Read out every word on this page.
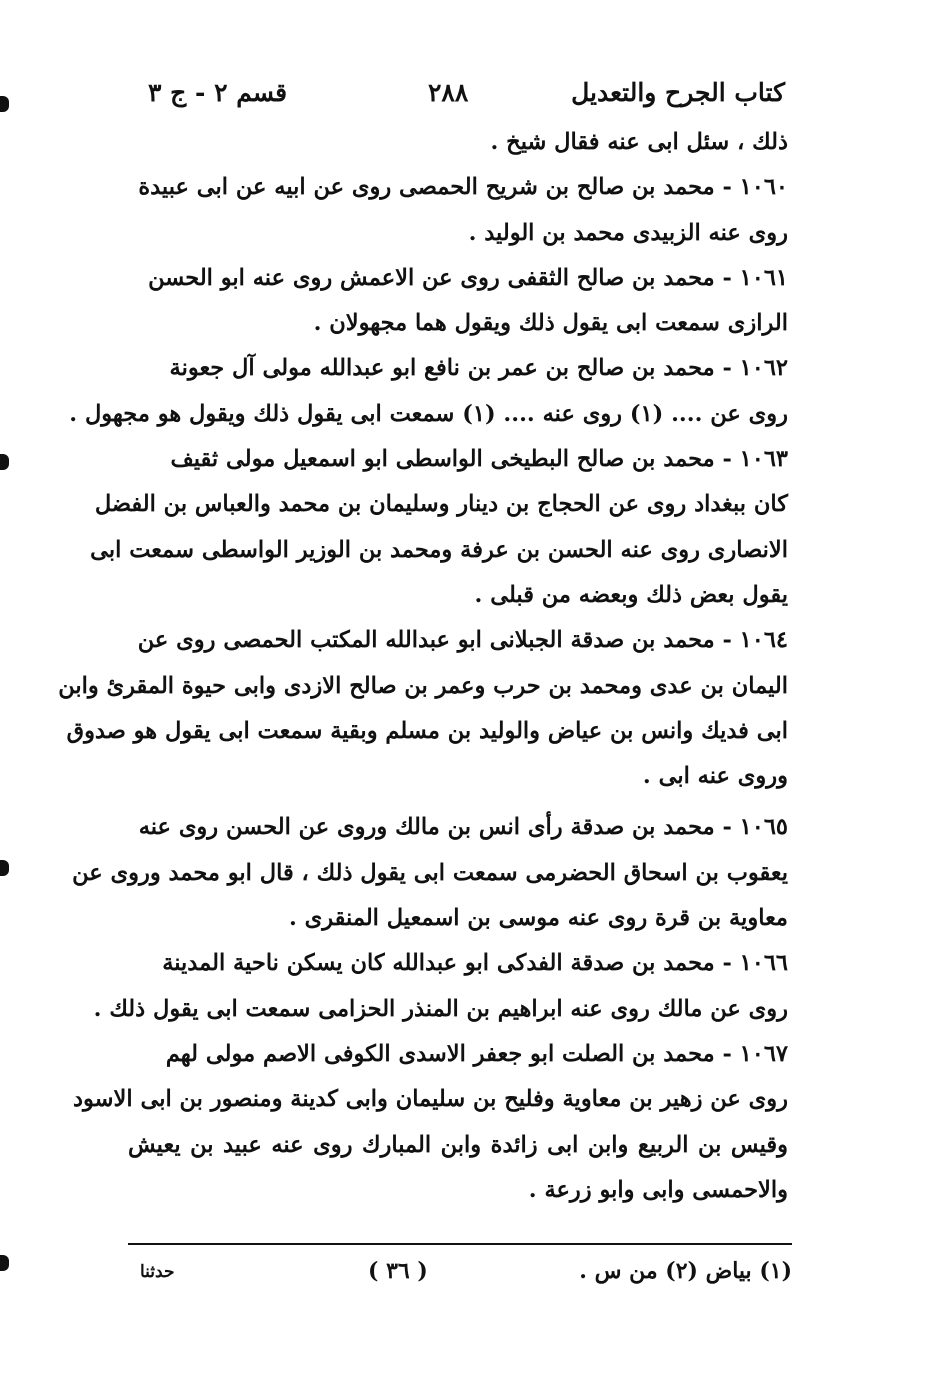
كتاب الجرح والتعديل
٢٨٨
قسم ٢ - ج ٣
ذلك ، سئل ابى عنه فقال شيخ .
١٠٦٠ - محمد بن صالح بن شريح الحمصى روى عن ابيه عن ابى عبيدة
روى عنه الزبيدى محمد بن الوليد .
١٠٦١ - محمد بن صالح الثقفى روى عن الاعمش روى عنه ابو الحسن
الرازى سمعت ابى يقول ذلك ويقول هما مجهولان .
١٠٦٢ - محمد بن صالح بن عمر بن نافع ابو عبدالله مولى آل جعونة
روى عن .... (١) روى عنه .... (١) سمعت ابى يقول ذلك ويقول هو مجهول .
١٠٦٣ - محمد بن صالح البطيخى الواسطى ابو اسمعيل مولى ثقيف
كان ببغداد روى عن الحجاج بن دينار وسليمان بن محمد والعباس بن الفضل
الانصارى روى عنه الحسن بن عرفة ومحمد بن الوزير الواسطى سمعت ابى
يقول بعض ذلك وبعضه من قبلى .
١٠٦٤ - محمد بن صدقة الجبلانى ابو عبدالله المكتب الحمصى روى عن
اليمان بن عدى ومحمد بن حرب وعمر بن صالح الازدى وابى حيوة المقرئ وابن
ابى فديك وانس بن عياض والوليد بن مسلم وبقية سمعت ابى يقول هو صدوق
وروى عنه ابى .
١٠٦٥ - محمد بن صدقة رأى انس بن مالك وروى عن الحسن روى عنه
يعقوب بن اسحاق الحضرمى سمعت ابى يقول ذلك ، قال ابو محمد وروى عن
معاوية بن قرة روى عنه موسى بن اسمعيل المنقرى .
١٠٦٦ - محمد بن صدقة الفدكى ابو عبدالله كان يسكن ناحية المدينة
روى عن مالك روى عنه ابراهيم بن المنذر الحزامى سمعت ابى يقول ذلك .
١٠٦٧ - محمد بن الصلت ابو جعفر الاسدى الكوفى الاصم مولى لهم
روى عن زهير بن معاوية وفليح بن سليمان وابى كدينة ومنصور بن ابى الاسود
وقيس بن الربيع وابن ابى زائدة وابن المبارك روى عنه عبيد بن يعيش
والاحمسى وابى وابو زرعة .
(١) بياض (٢) من س .
( ٣٦ )
حدثنا
